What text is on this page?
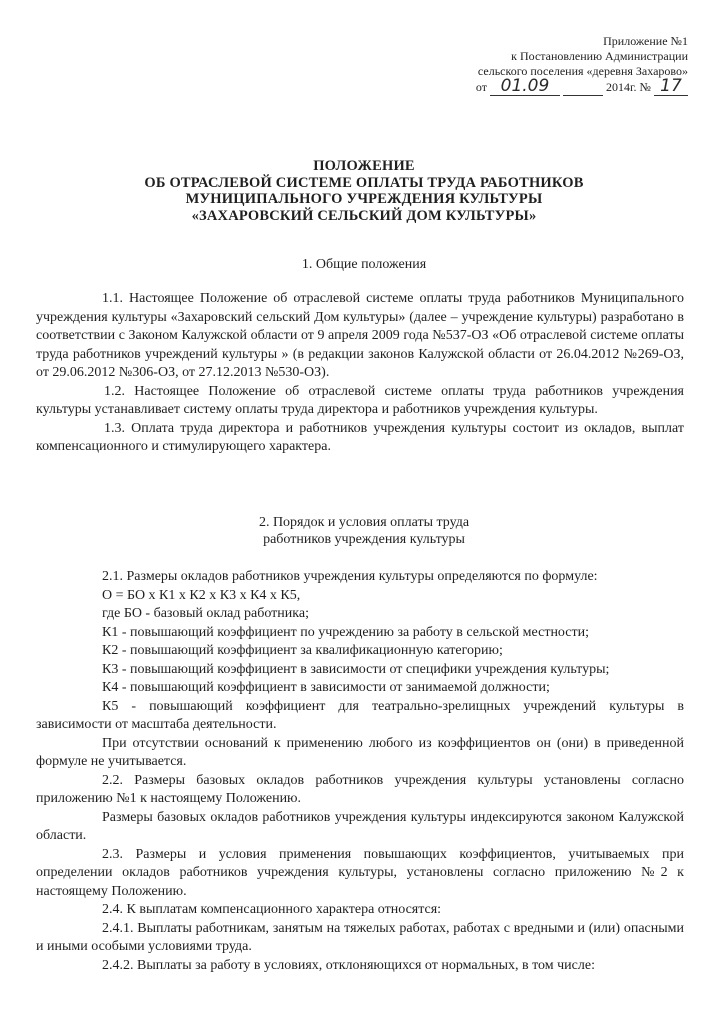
Приложение №1
к Постановлению Администрации
сельского поселения «деревня Захарово»
от 01.09	2014г. № 17
ПОЛОЖЕНИЕ
ОБ ОТРАСЛЕВОЙ СИСТЕМЕ ОПЛАТЫ ТРУДА РАБОТНИКОВ
МУНИЦИПАЛЬНОГО УЧРЕЖДЕНИЯ КУЛЬТУРЫ
«ЗАХАРОВСКИЙ СЕЛЬСКИЙ ДОМ КУЛЬТУРЫ»
1. Общие положения

1.1. Настоящее Положение об отраслевой системе оплаты труда работников Муниципального учреждения культуры «Захаровский сельский Дом культуры» (далее – учреждение культуры) разработано в соответствии с Законом Калужской области от 9 апреля 2009 года №537-ОЗ «Об отраслевой системе оплаты труда работников учреждений культуры » (в редакции законов Калужской области от 26.04.2012 №269-ОЗ, от 29.06.2012 №306-ОЗ, от 27.12.2013 №530-ОЗ).

1.2. Настоящее Положение об отраслевой системе оплаты труда работников учреждения культуры устанавливает систему оплаты труда директора и работников учреждения культуры.

1.3. Оплата труда директора и работников учреждения культуры состоит из окладов, выплат компенсационного и стимулирующего характера.

2. Порядок и условия оплаты труда
работников учреждения культуры

2.1. Размеры окладов работников учреждения культуры определяются по формуле:

О = БО х К1 х К2 х К3 х К4 х К5,

где БО - базовый оклад работника;

К1 - повышающий коэффициент по учреждению за работу в сельской местности;

К2 - повышающий коэффициент за квалификационную категорию;

К3 - повышающий коэффициент в зависимости от специфики учреждения культуры;

К4 - повышающий коэффициент в зависимости от занимаемой должности;

К5 - повышающий коэффициент для театрально-зрелищных учреждений культуры в зависимости от масштаба деятельности.

При отсутствии оснований к применению любого из коэффициентов он (они) в приведенной формуле не учитывается.

2.2. Размеры базовых окладов работников учреждения культуры установлены согласно приложению №1 к настоящему Положению.

Размеры базовых окладов работников учреждения культуры индексируются законом Калужской области.

2.3. Размеры и условия применения повышающих коэффициентов, учитываемых при определении окладов работников учреждения культуры, установлены согласно приложению №2 к настоящему Положению.

2.4. К выплатам компенсационного характера относятся:

2.4.1. Выплаты работникам, занятым на тяжелых работах, работах с вредными и (или) опасными и иными особыми условиями труда.

2.4.2. Выплаты за работу в условиях, отклоняющихся от нормальных, в том числе:
